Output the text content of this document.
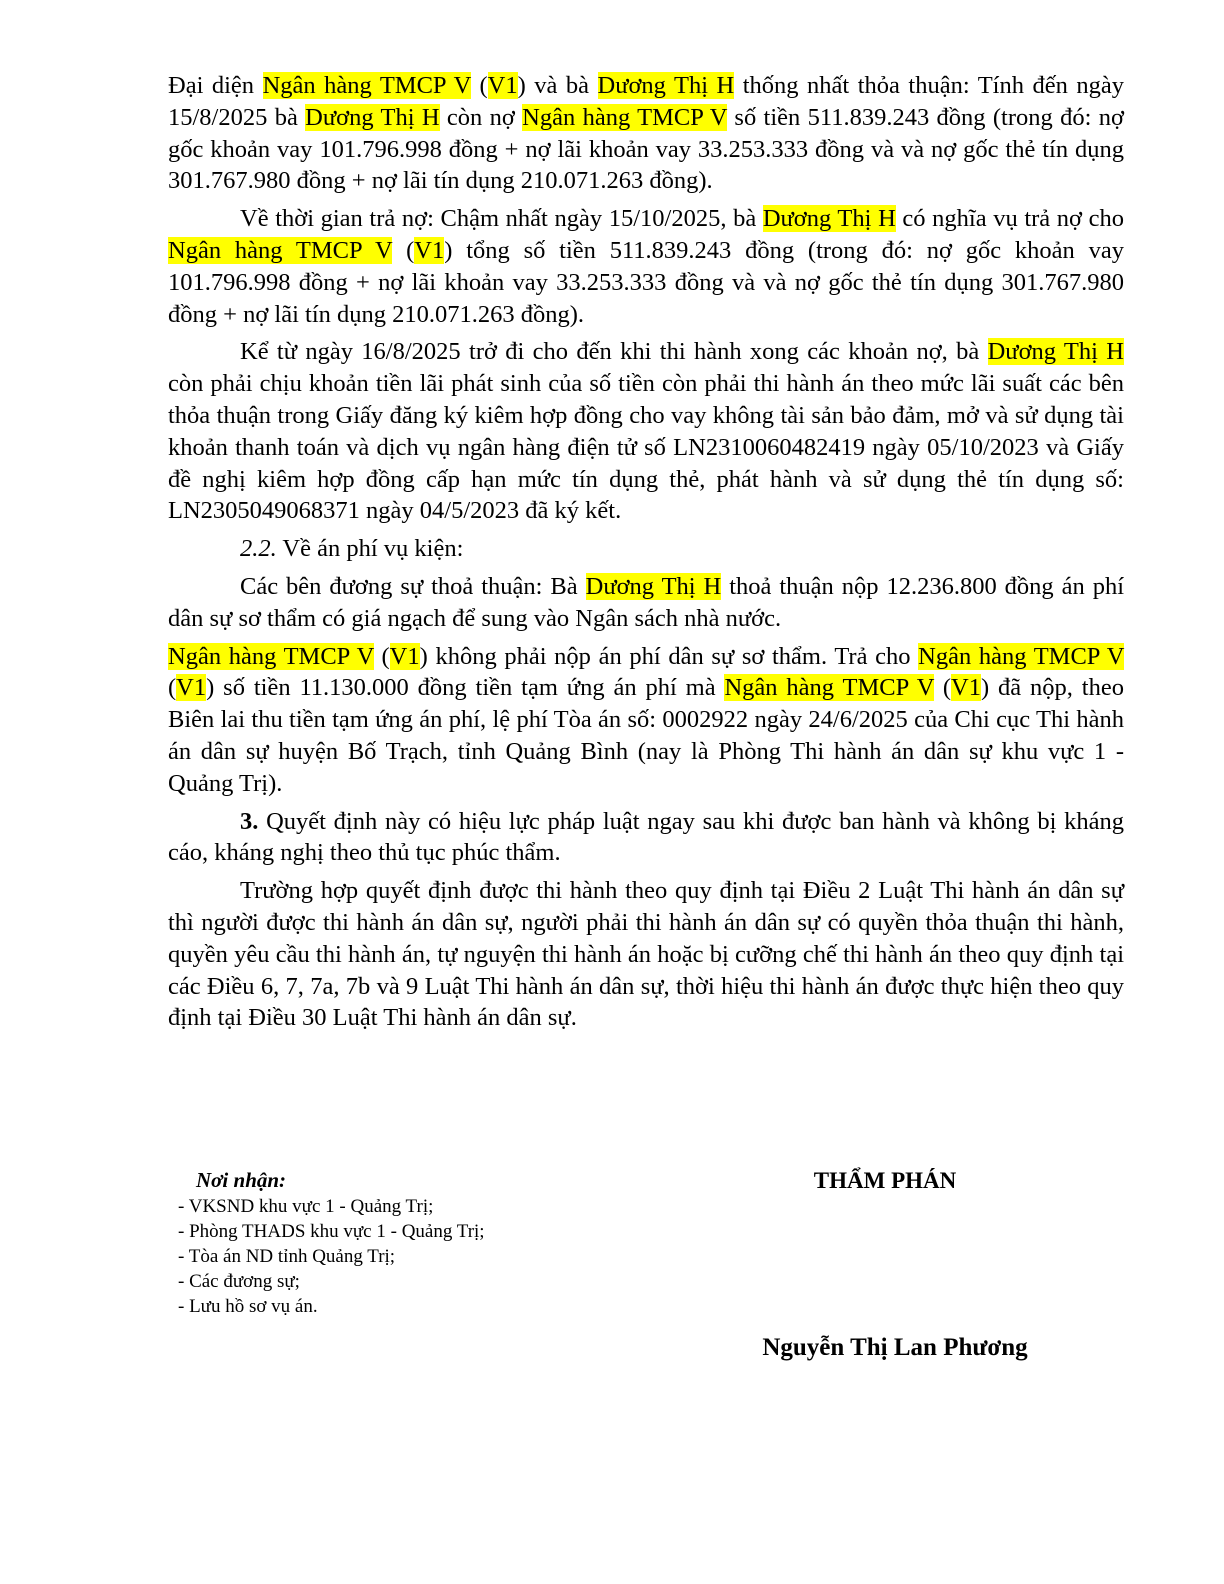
Đại diện Ngân hàng TMCP V (V1) và bà Dương Thị H thống nhất thỏa thuận: Tính đến ngày 15/8/2025 bà Dương Thị H còn nợ Ngân hàng TMCP V số tiền 511.839.243 đồng (trong đó: nợ gốc khoản vay 101.796.998 đồng + nợ lãi khoản vay 33.253.333 đồng và và nợ gốc thẻ tín dụng 301.767.980 đồng + nợ lãi tín dụng 210.071.263 đồng).

Về thời gian trả nợ: Chậm nhất ngày 15/10/2025, bà Dương Thị H có nghĩa vụ trả nợ cho Ngân hàng TMCP V (V1) tổng số tiền 511.839.243 đồng (trong đó: nợ gốc khoản vay 101.796.998 đồng + nợ lãi khoản vay 33.253.333 đồng và và nợ gốc thẻ tín dụng 301.767.980 đồng + nợ lãi tín dụng 210.071.263 đồng).

Kể từ ngày 16/8/2025 trở đi cho đến khi thi hành xong các khoản nợ, bà Dương Thị H còn phải chịu khoản tiền lãi phát sinh của số tiền còn phải thi hành án theo mức lãi suất các bên thỏa thuận trong Giấy đăng ký kiêm hợp đồng cho vay không tài sản bảo đảm, mở và sử dụng tài khoản thanh toán và dịch vụ ngân hàng điện tử số LN2310060482419 ngày 05/10/2023 và Giấy đề nghị kiêm hợp đồng cấp hạn mức tín dụng thẻ, phát hành và sử dụng thẻ tín dụng số: LN2305049068371 ngày 04/5/2023 đã ký kết.

2.2. Về án phí vụ kiện:

Các bên đương sự thoả thuận: Bà Dương Thị H thoả thuận nộp 12.236.800 đồng án phí dân sự sơ thẩm có giá ngạch để sung vào Ngân sách nhà nước.

Ngân hàng TMCP V (V1) không phải nộp án phí dân sự sơ thẩm. Trả cho Ngân hàng TMCP V (V1) số tiền 11.130.000 đồng tiền tạm ứng án phí mà Ngân hàng TMCP V (V1) đã nộp, theo Biên lai thu tiền tạm ứng án phí, lệ phí Tòa án số: 0002922 ngày 24/6/2025 của Chi cục Thi hành án dân sự huyện Bố Trạch, tỉnh Quảng Bình (nay là Phòng Thi hành án dân sự khu vực 1 - Quảng Trị).

3. Quyết định này có hiệu lực pháp luật ngay sau khi được ban hành và không bị kháng cáo, kháng nghị theo thủ tục phúc thẩm.

Trường hợp quyết định được thi hành theo quy định tại Điều 2 Luật Thi hành án dân sự thì người được thi hành án dân sự, người phải thi hành án dân sự có quyền thỏa thuận thi hành, quyền yêu cầu thi hành án, tự nguyện thi hành án hoặc bị cưỡng chế thi hành án theo quy định tại các Điều 6, 7, 7a, 7b và 9 Luật Thi hành án dân sự, thời hiệu thi hành án được thực hiện theo quy định tại Điều 30 Luật Thi hành án dân sự.

Nơi nhận:
- VKSND khu vực 1 - Quảng Trị;
- Phòng THADS khu vực 1 - Quảng Trị;
- Tòa án ND tỉnh Quảng Trị;
- Các đương sự;
- Lưu hồ sơ vụ án.
THẨM PHÁN
Nguyễn Thị Lan Phương
